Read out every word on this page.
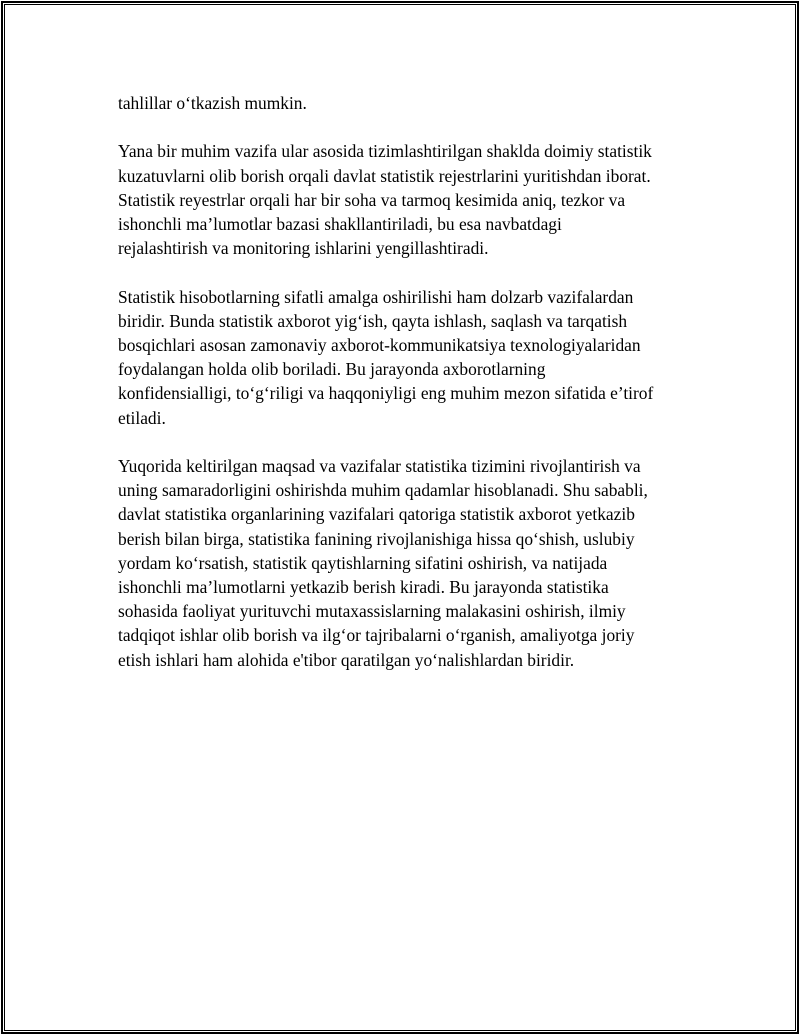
tahlillar o‘tkazish mumkin.

Yana bir muhim vazifa ular asosida tizimlashtirilgan shaklda doimiy statistik
kuzatuvlarni olib borish orqali davlat statistik rejestrlarini yuritishdan iborat.
Statistik reyestrlar orqali har bir soha va tarmoq kesimida aniq, tezkor va
ishonchli ma’lumotlar bazasi shakllantiriladi, bu esa navbatdagi
rejalashtirish va monitoring ishlarini yengillashtiradi.

Statistik hisobotlarning sifatli amalga oshirilishi ham dolzarb vazifalardan
biridir. Bunda statistik axborot yig‘ish, qayta ishlash, saqlash va tarqatish
bosqichlari asosan zamonaviy axborot-kommunikatsiya texnologiyalaridan
foydalangan holda olib boriladi. Bu jarayonda axborotlarning
konfidensialligi, to‘g‘riligi va haqqoniyligi eng muhim mezon sifatida e’tirof
etiladi.

Yuqorida keltirilgan maqsad va vazifalar statistika tizimini rivojlantirish va
uning samaradorligini oshirishda muhim qadamlar hisoblanadi. Shu sababli,
davlat statistika organlarining vazifalari qatoriga statistik axborot yetkazib
berish bilan birga, statistika fanining rivojlanishiga hissa qo‘shish, uslubiy
yordam ko‘rsatish, statistik qaytishlarning sifatini oshirish, va natijada
ishonchli ma’lumotlarni yetkazib berish kiradi. Bu jarayonda statistika
sohasida faoliyat yurituvchi mutaxassislarning malakasini oshirish, ilmiy
tadqiqot ishlar olib borish va ilg‘or tajribalarni o‘rganish, amaliyotga joriy
etish ishlari ham alohida e'tibor qaratilgan yo‘nalishlardan biridir.
